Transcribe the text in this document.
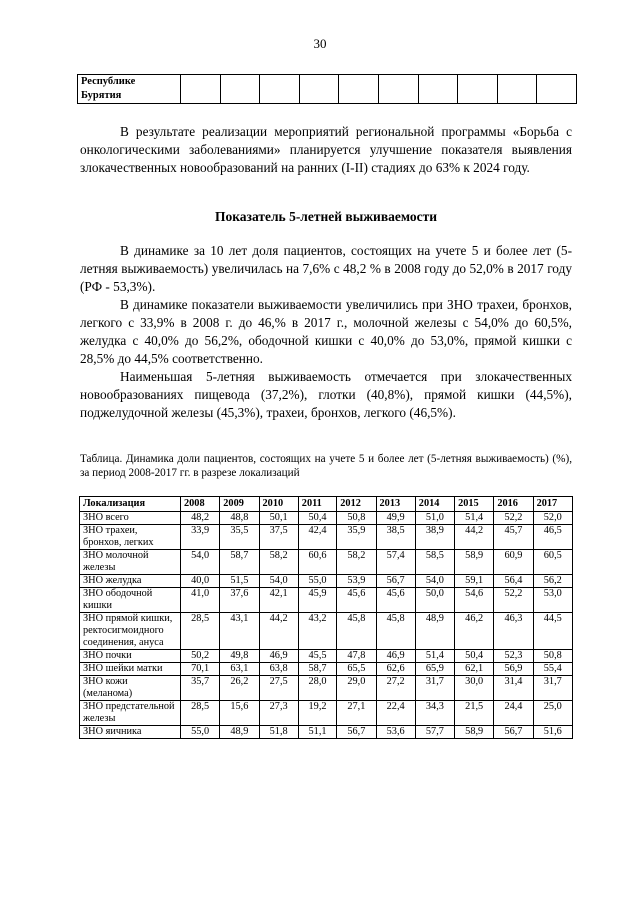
30
Республике
Бурятия

В результате реализации мероприятий региональной программы «Борьба с онкологическими заболеваниями» планируется улучшение показателя выявления злокачественных новообразований на ранних (I-II) стадиях до 63% к 2024 году.

Показатель 5-летней выживаемости

В динамике за 10 лет доля пациентов, состоящих на учете 5 и более лет (5-летняя выживаемость) увеличилась на 7,6% с 48,2 % в 2008 году до 52,0% в 2017 году (РФ - 53,3%).

В динамике показатели выживаемости увеличились при ЗНО трахеи, бронхов, легкого с 33,9% в 2008 г. до 46,% в 2017 г., молочной железы с 54,0% до 60,5%, желудка с 40,0% до 56,2%, ободочной кишки с 40,0% до 53,0%, прямой кишки с 28,5% до 44,5% соответственно.

Наименьшая 5-летняя выживаемость отмечается при злокачественных новообразованиях пищевода (37,2%), глотки (40,8%), прямой кишки (44,5%), поджелудочной железы (45,3%), трахеи, бронхов, легкого (46,5%).

Таблица. Динамика доли пациентов, состоящих на учете 5 и более лет (5-летняя выживаемость) (%), за период 2008-2017 гг. в разрезе локализаций
Локализация	2008	2009	2010	2011	2012	2013	2014	2015	2016	2017
ЗНО всего	48,2	48,8	50,1	50,4	50,8	49,9	51,0	51,4	52,2	52,0
ЗНО трахеи, бронхов, легких	33,9	35,5	37,5	42,4	35,9	38,5	38,9	44,2	45,7	46,5
ЗНО молочной железы	54,0	58,7	58,2	60,6	58,2	57,4	58,5	58,9	60,9	60,5
ЗНО желудка	40,0	51,5	54,0	55,0	53,9	56,7	54,0	59,1	56,4	56,2
ЗНО ободочной кишки	41,0	37,6	42,1	45,9	45,6	45,6	50,0	54,6	52,2	53,0
ЗНО прямой кишки, ректосигмоидного соединения, ануса	28,5	43,1	44,2	43,2	45,8	45,8	48,9	46,2	46,3	44,5
ЗНО почки	50,2	49,8	46,9	45,5	47,8	46,9	51,4	50,4	52,3	50,8
ЗНО шейки матки	70,1	63,1	63,8	58,7	65,5	62,6	65,9	62,1	56,9	55,4
ЗНО кожи (меланома)	35,7	26,2	27,5	28,0	29,0	27,2	31,7	30,0	31,4	31,7
ЗНО предстательной железы	28,5	15,6	27,3	19,2	27,1	22,4	34,3	21,5	24,4	25,0
ЗНО яичника	55,0	48,9	51,8	51,1	56,7	53,6	57,7	58,9	56,7	51,6
